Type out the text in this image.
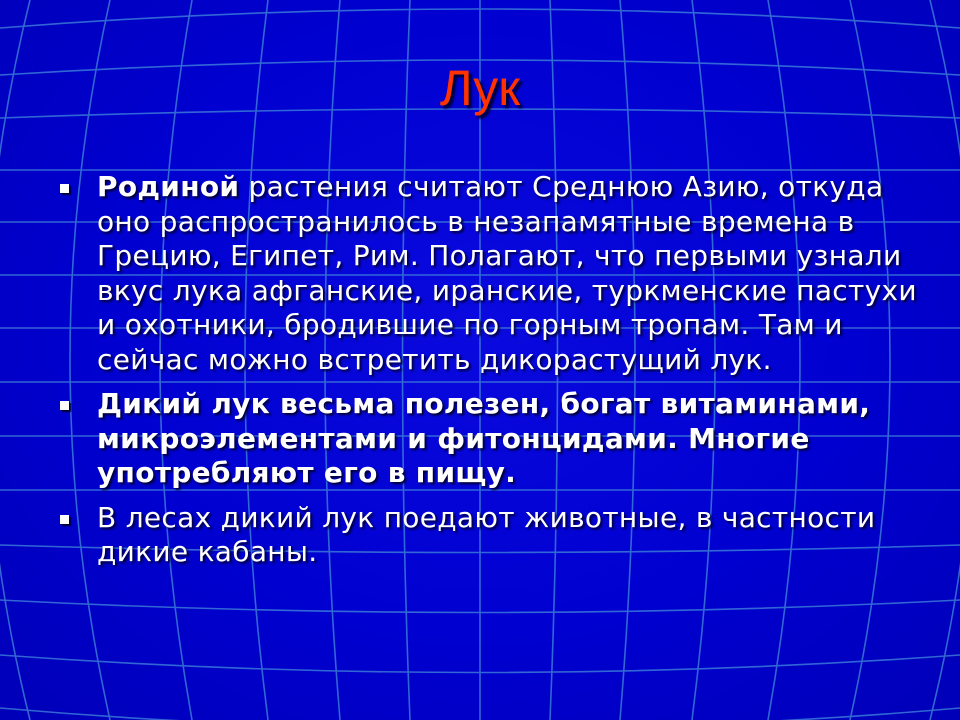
Лук
Родиной растения считают Среднюю Азию, откуда оно распространилось в незапамятные времена в Грецию, Египет, Рим. Полагают, что первыми узнали вкус лука афганские, иранские, туркменские пастухи и охотники, бродившие по горным тропам. Там и сейчас можно встретить дикорастущий лук.
Дикий лук весьма полезен, богат витаминами, микроэлементами и фитонцидами. Многие употребляют его в пищу.
В лесах дикий лук поедают животные, в частности дикие кабаны.
